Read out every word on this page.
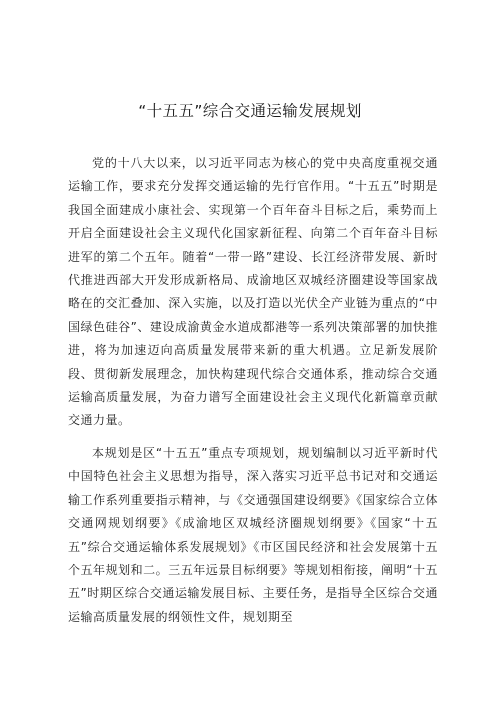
“十五五”综合交通运输发展规划

党的十八大以来，以习近平同志为核心的党中央高度重视交通运输工作，要求充分发挥交通运输的先行官作用。“十五五”时期是我国全面建成小康社会、实现第一个百年奋斗目标之后，乘势而上开启全面建设社会主义现代化国家新征程、向第二个百年奋斗目标进军的第二个五年。随着“一带一路”建设、长江经济带发展、新时代推进西部大开发形成新格局、成渝地区双城经济圈建设等国家战略在的交汇叠加、深入实施，以及打造以光伏全产业链为重点的“中国绿色硅谷”、建设成渝黄金水道成都港等一系列决策部署的加快推进，将为加速迈向高质量发展带来新的重大机遇。立足新发展阶段、贯彻新发展理念，加快构建现代综合交通体系，推动综合交通运输高质量发展，为奋力谱写全面建设社会主义现代化新篇章贡献交通力量。

本规划是区“十五五”重点专项规划，规划编制以习近平新时代中国特色社会主义思想为指导，深入落实习近平总书记对和交通运输工作系列重要指示精神，与《交通强国建设纲要》《国家综合立体交通网规划纲要》《成渝地区双城经济圈规划纲要》《国家“十五五”综合交通运输体系发展规划》《市区国民经济和社会发展第十五个五年规划和二。三五年远景目标纲要》等规划相衔接，阐明“十五五”时期区综合交通运输发展目标、主要任务，是指导全区综合交通运输高质量发展的纲领性文件，规划期至
